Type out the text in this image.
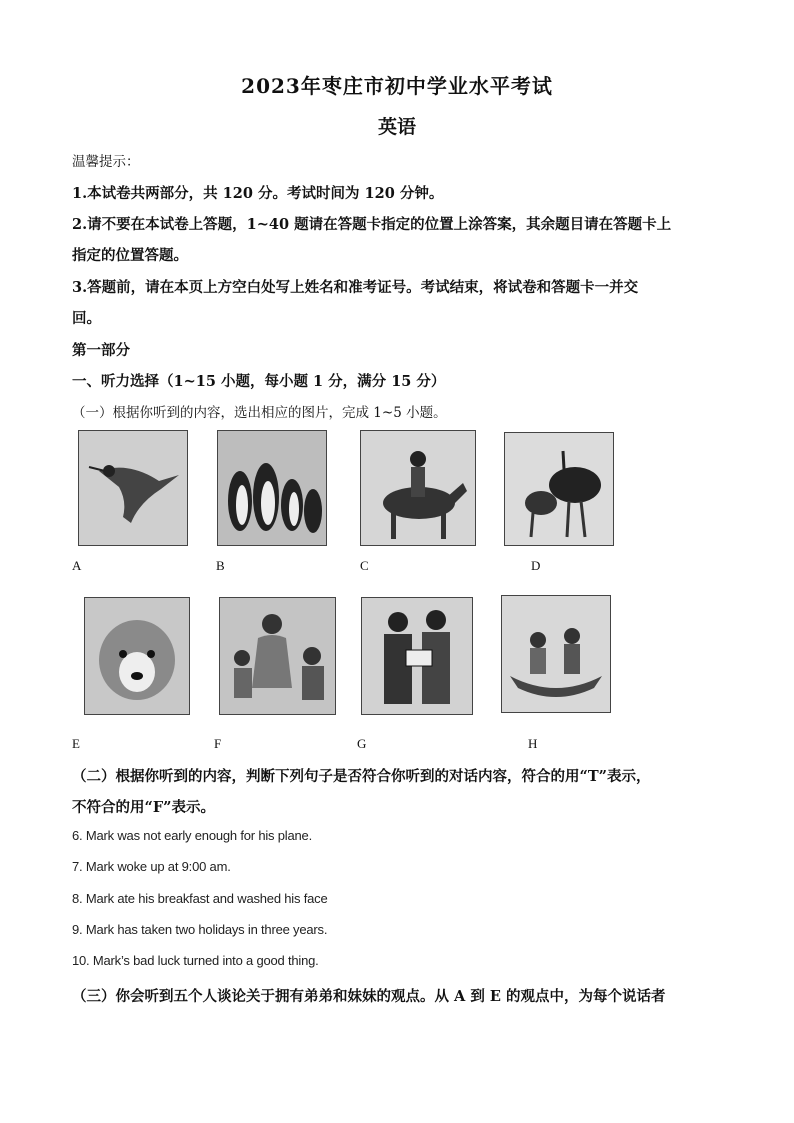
2023年枣庄市初中学业水平考试
英语
温馨提示：
1.本试卷共两部分，共 120 分。考试时间为 120 分钟。
2.请不要在本试卷上答题，1~40 题请在答题卡指定的位置上涂答案，其余题目请在答题卡上
指定的位置答题。
3.答题前，请在本页上方空白处写上姓名和准考证号。考试结束，将试卷和答题卡一并交
回。
第一部分
一、听力选择（1~15 小题，每小题 1 分，满分 15 分）
（一）根据你听到的内容，选出相应的图片，完成 1~5 小题。
A	B	C	D
E	F	G	H
（二）根据你听到的内容，判断下列句子是否符合你听到的对话内容，符合的用“T”表示，
不符合的用“F”表示。
6. Mark was not early enough for his plane.
7. Mark woke up at 9:00 am.
8. Mark ate his breakfast and washed his face
9. Mark has taken two holidays in three years.
10. Mark’s bad luck turned into a good thing.
（三）你会听到五个人谈论关于拥有弟弟和妹妹的观点。从 A 到 E 的观点中，为每个说话者
